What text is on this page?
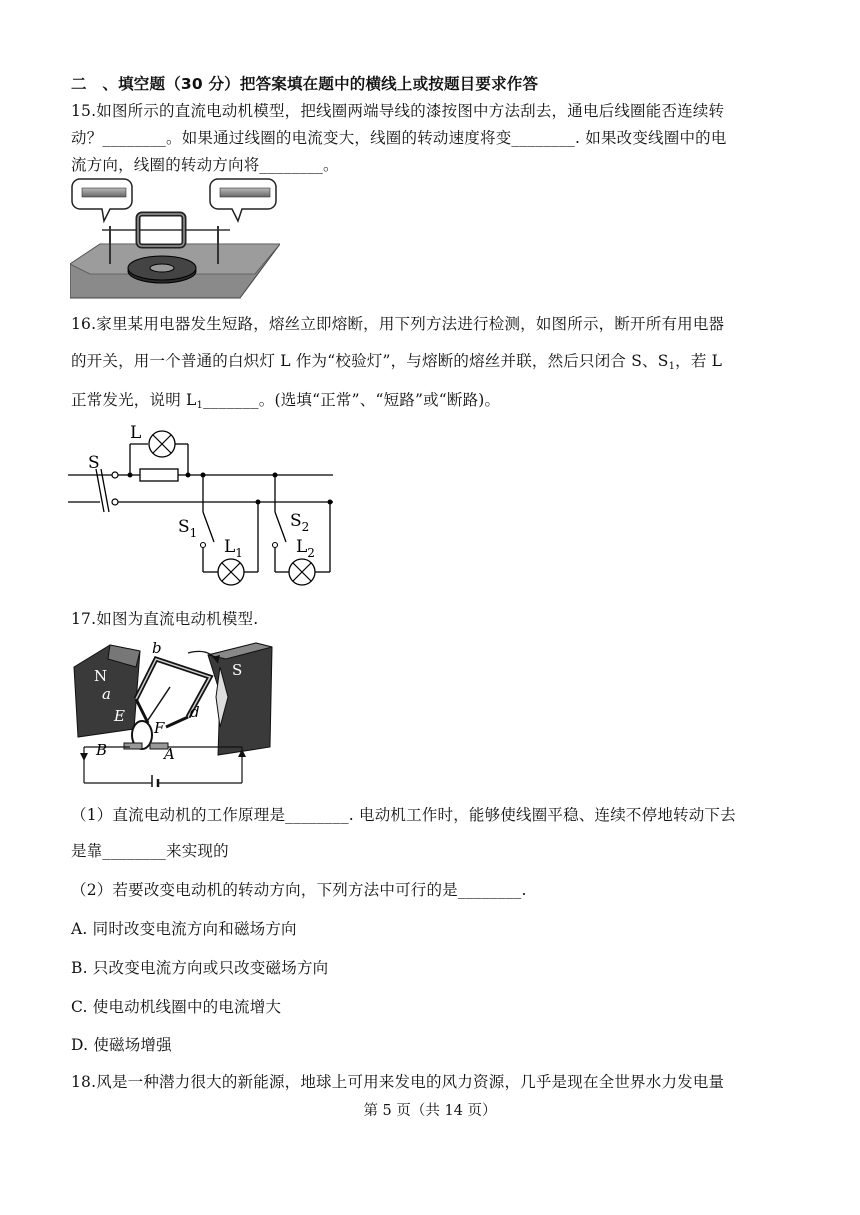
二　、填空题（30 分）把答案填在题中的横线上或按题目要求作答
15.如图所示的直流电动机模型，把线圈两端导线的漆按图中方法刮去，通电后线圈能否连续转
动？________。如果通过线圈的电流变大，线圈的转动速度将变________. 如果改变线圈中的电
流方向，线圈的转动方向将________。
16.家里某用电器发生短路，熔丝立即熔断，用下列方法进行检测，如图所示，断开所有用电器
的开关，用一个普通的白炽灯 L 作为“校验灯”，与熔断的熔丝并联，然后只闭合 S、S1，若 L
正常发光，说明 L1_______。(选填“正常”、“短路”或“断路)。
S
L
$S_1$
$L_1$
$S_2$
$L_2$
17.如图为直流电动机模型.
N	S
a
b
d
E
F
B	A
（1）直流电动机的工作原理是________. 电动机工作时，能够使线圈平稳、连续不停地转动下去
是靠________来实现的
（2）若要改变电动机的转动方向，下列方法中可行的是________.
A. 同时改变电流方向和磁场方向
B. 只改变电流方向或只改变磁场方向
C. 使电动机线圈中的电流增大
D. 使磁场增强
18.风是一种潜力很大的新能源，地球上可用来发电的风力资源，几乎是现在全世界水力发电量
第 5 页（共 14 页）
